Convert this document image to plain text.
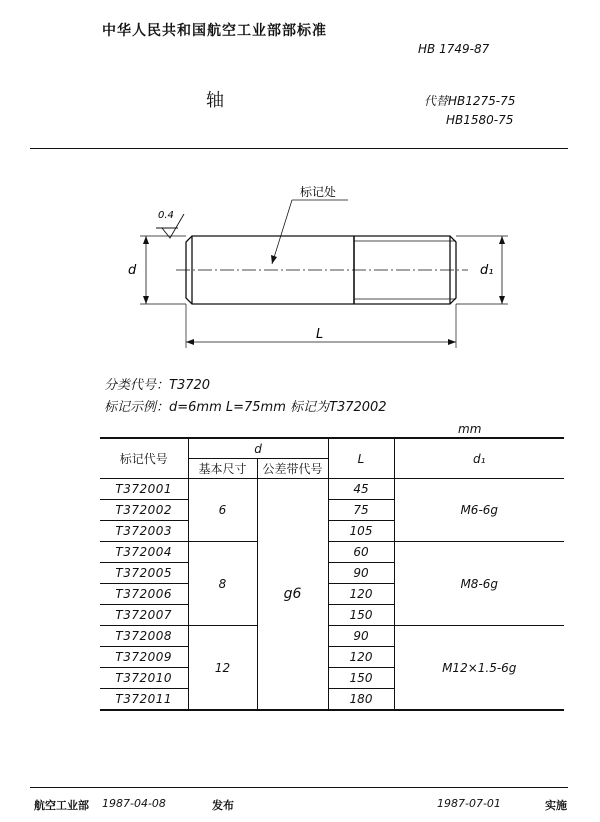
中华人民共和国航空工业部部标准
HB 1749-87
轴	代替HB1275-75
HB1580-75
0.4
标记处
d	d₁
L
分类代号：T3720
标记示例：d=6mm L=75mm 标记为T372002
mm
标记代号	d		L	d₁
	基本尺寸	公差带代号		
T372001	6	g6	45	M6-6g
T372002			75	
T372003			105	
T372004	8		60	M8-6g
T372005			90	
T372006			120	
T372007			150	
T372008	12		90	M12×1.5-6g
T372009			120	
T372010			150	
T372011			180	
航空工业部 1987-04-08	发布	1987-07-01	实施
